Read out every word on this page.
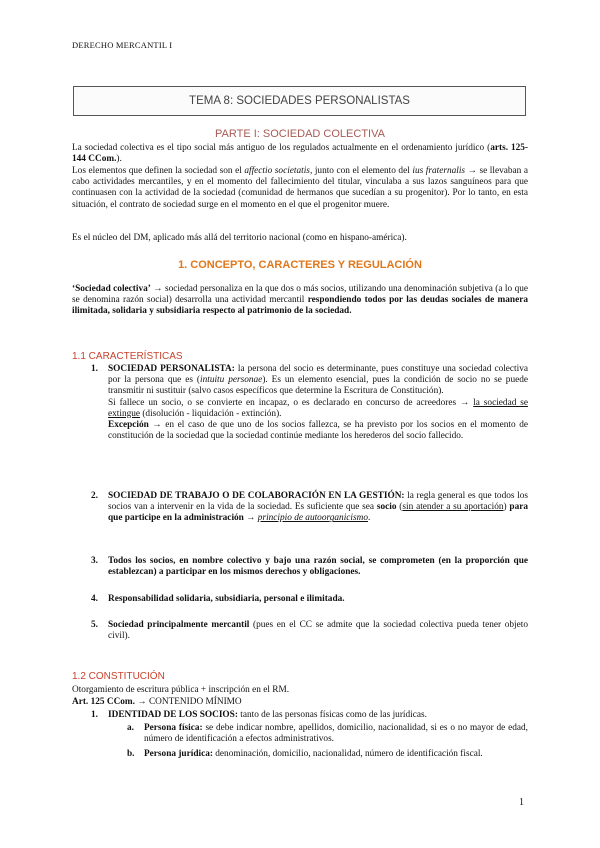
DERECHO MERCANTIL I
TEMA 8: SOCIEDADES PERSONALISTAS
PARTE I: SOCIEDAD COLECTIVA
La sociedad colectiva es el tipo social más antiguo de los regulados actualmente en el ordenamiento jurídico (arts. 125-144 CCom.).
Los elementos que definen la sociedad son el affectio societatis, junto con el elemento del ius fraternalis → se llevaban a cabo actividades mercantiles, y en el momento del fallecimiento del titular, vinculaba a sus lazos sanguíneos para que continuasen con la actividad de la sociedad (comunidad de hermanos que sucedían a su progenitor). Por lo tanto, en esta situación, el contrato de sociedad surge en el momento en el que el progenitor muere.
Es el núcleo del DM, aplicado más allá del territorio nacional (como en hispano-américa).
1. CONCEPTO, CARACTERES Y REGULACIÓN
‘Sociedad colectiva’ → sociedad personaliza en la que dos o más socios, utilizando una denominación subjetiva (a lo que se denomina razón social) desarrolla una actividad mercantil respondiendo todos por las deudas sociales de manera ilimitada, solidaria y subsidiaria respecto al patrimonio de la sociedad.
1.1 CARACTERÍSTICAS
1. SOCIEDAD PERSONALISTA: la persona del socio es determinante, pues constituye una sociedad colectiva por la persona que es (intuitu personae). Es un elemento esencial, pues la condición de socio no se puede transmitir ni sustituir (salvo casos específicos que determine la Escritura de Constitución).
Si fallece un socio, o se convierte en incapaz, o es declarado en concurso de acreedores → la sociedad se extingue (disolución - liquidación - extinción).
Excepción → en el caso de que uno de los socios fallezca, se ha previsto por los socios en el momento de constitución de la sociedad que la sociedad continúe mediante los herederos del socio fallecido.
2. SOCIEDAD DE TRABAJO O DE COLABORACIÓN EN LA GESTIÓN: la regla general es que todos los socios van a intervenir en la vida de la sociedad. Es suficiente que sea socio (sin atender a su aportación) para que participe en la administración → principio de autoorganicismo.
3. Todos los socios, en nombre colectivo y bajo una razón social, se comprometen (en la proporción que establezcan) a participar en los mismos derechos y obligaciones.
4. Responsabilidad solidaria, subsidiaria, personal e ilimitada.
5. Sociedad principalmente mercantil (pues en el CC se admite que la sociedad colectiva pueda tener objeto civil).
1.2 CONSTITUCIÓN
Otorgamiento de escritura pública + inscripción en el RM.
Art. 125 CCom. → CONTENIDO MÍNIMO
1. IDENTIDAD DE LOS SOCIOS: tanto de las personas físicas como de las jurídicas.
a. Persona física: se debe indicar nombre, apellidos, domicilio, nacionalidad, si es o no mayor de edad, número de identificación a efectos administrativos.
b. Persona jurídica: denominación, domicilio, nacionalidad, número de identificación fiscal.
1
